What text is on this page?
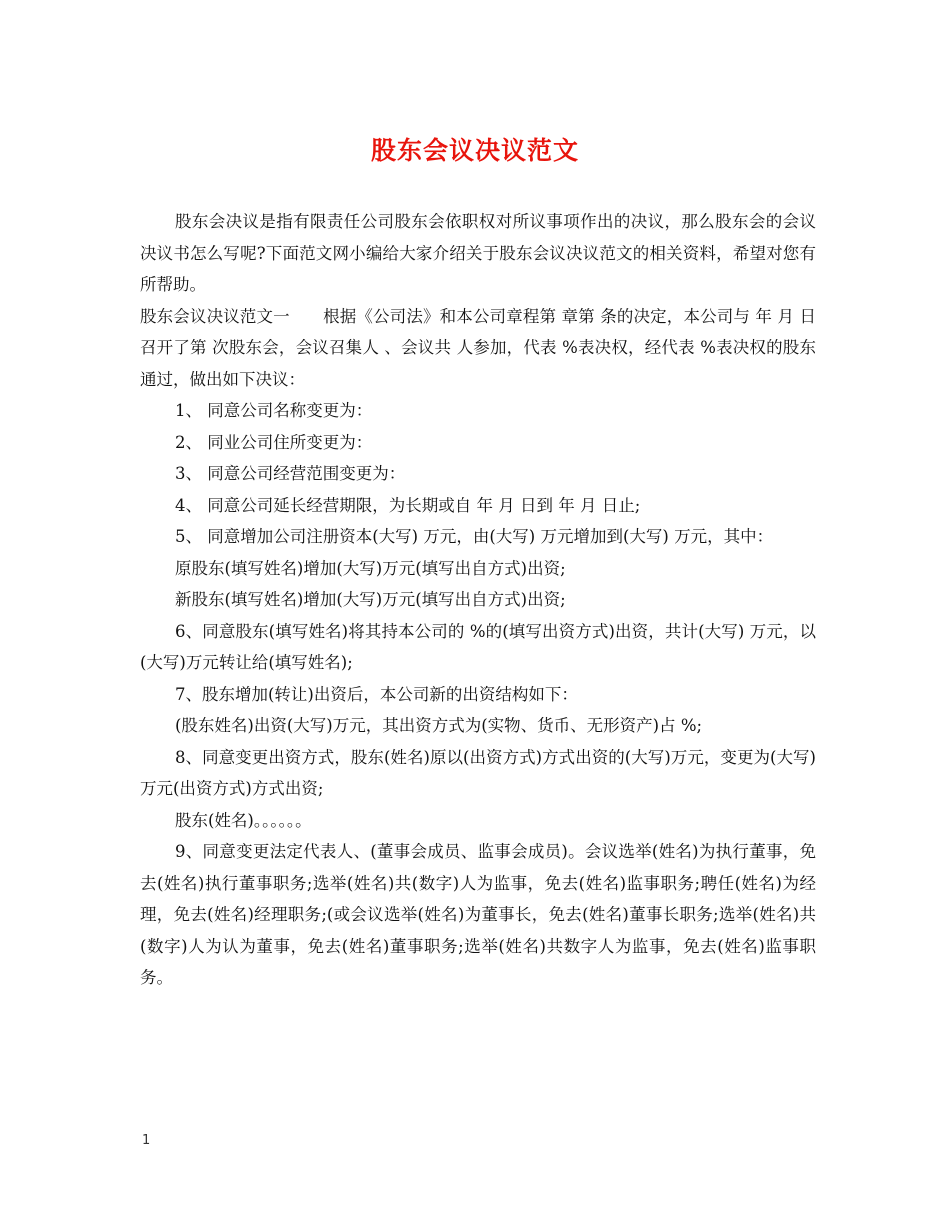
股东会议决议范文

股东会决议是指有限责任公司股东会依职权对所议事项作出的决议，那么股东会的会议决议书怎么写呢?下面范文网小编给大家介绍关于股东会议决议范文的相关资料，希望对您有所帮助。

股东会议决议范文一　　根据《公司法》和本公司章程第 章第 条的决定，本公司与 年 月 日召开了第 次股东会，会议召集人 、会议共 人参加，代表 %表决权，经代表 %表决权的股东通过，做出如下决议：

1、 同意公司名称变更为：

2、 同业公司住所变更为：

3、 同意公司经营范围变更为：

4、 同意公司延长经营期限，为长期或自 年 月 日到 年 月 日止;

5、 同意增加公司注册资本(大写) 万元，由(大写) 万元增加到(大写) 万元，其中：

原股东(填写姓名)增加(大写)万元(填写出自方式)出资;

新股东(填写姓名)增加(大写)万元(填写出自方式)出资;

6、同意股东(填写姓名)将其持本公司的 %的(填写出资方式)出资，共计(大写) 万元，以(大写)万元转让给(填写姓名);

7、股东增加(转让)出资后，本公司新的出资结构如下：

(股东姓名)出资(大写)万元，其出资方式为(实物、货币、无形资产)占 %;

8、同意变更出资方式，股东(姓名)原以(出资方式)方式出资的(大写)万元，变更为(大写)万元(出资方式)方式出资;

股东(姓名)。。。。。。

9、同意变更法定代表人、(董事会成员、监事会成员)。会议选举(姓名)为执行董事，免去(姓名)执行董事职务;选举(姓名)共(数字)人为监事，免去(姓名)监事职务;聘任(姓名)为经理，免去(姓名)经理职务;(或会议选举(姓名)为董事长，免去(姓名)董事长职务;选举(姓名)共(数字)人为认为董事，免去(姓名)董事职务;选举(姓名)共数字人为监事，免去(姓名)监事职务。

1
